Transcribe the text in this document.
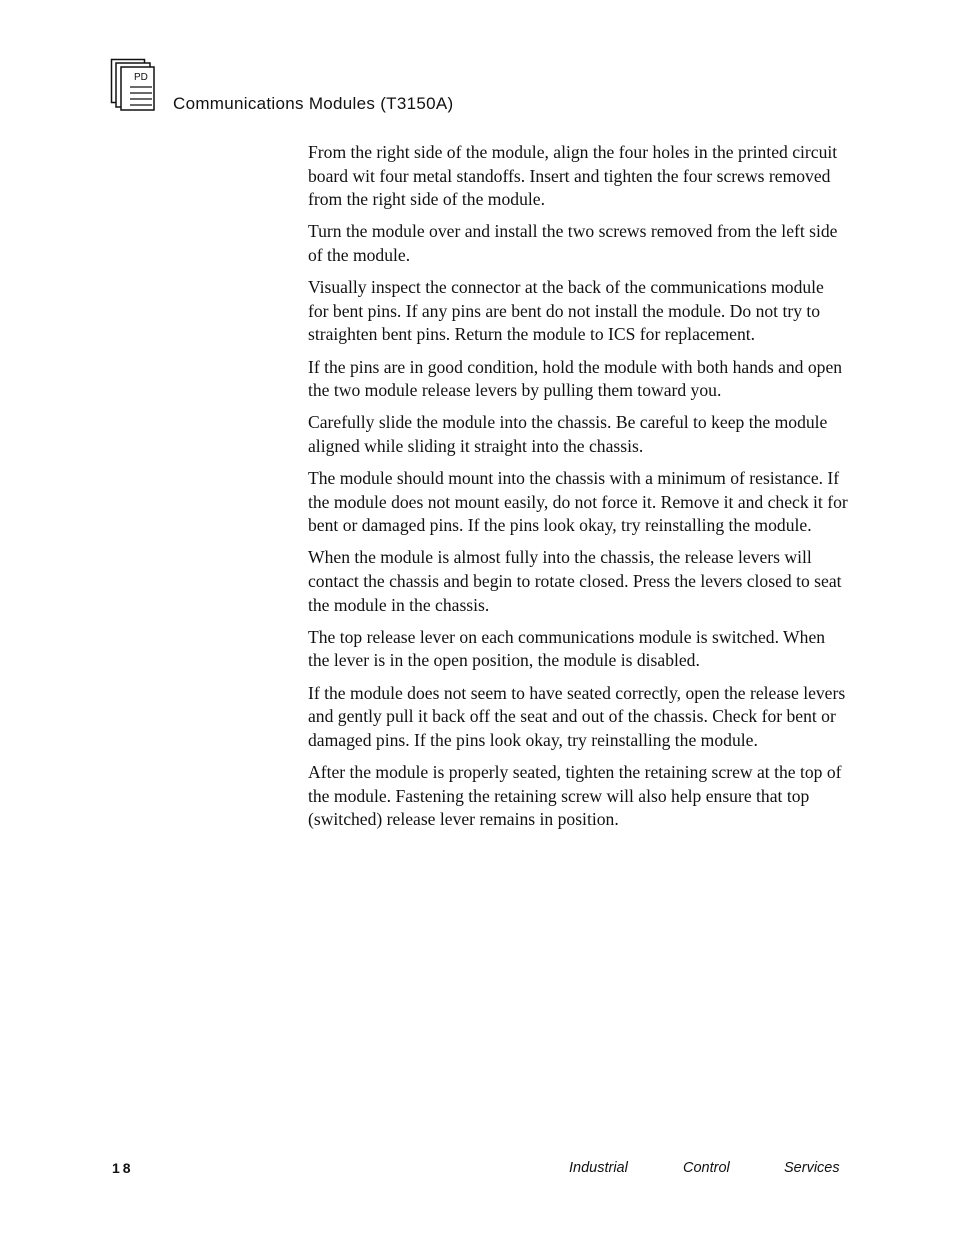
PD
Communications Modules (T3150A)

From the right side of the module, align the four holes in the printed circuit board wit four metal standoffs. Insert and tighten the four screws removed from the right side of the module.

Turn the module over and install the two screws removed from the left side of the module.

Visually inspect the connector at the back of the communications module for bent pins. If any pins are bent do not install the module. Do not try to straighten bent pins. Return the module to ICS for replacement.

If the pins are in good condition, hold the module with both hands and open the two module release levers by pulling them toward you.

Carefully slide the module into the chassis. Be careful to keep the module aligned while sliding it straight into the chassis.

The module should mount into the chassis with a minimum of resistance. If the module does not mount easily, do not force it. Remove it and check it for bent or damaged pins. If the pins look okay, try reinstalling the module.

When the module is almost fully into the chassis, the release levers will contact the chassis and begin to rotate closed. Press the levers closed to seat the module in the chassis.

The top release lever on each communications module is switched. When the lever is in the open position, the module is disabled.

If the module does not seem to have seated correctly, open the release levers and gently pull it back off the seat and out of the chassis. Check for bent or damaged pins. If the pins look okay, try reinstalling the module.

After the module is properly seated, tighten the retaining screw at the top of the module. Fastening the retaining screw will also help ensure that top (switched) release lever remains in position.

18	Industrial	Control	Services
